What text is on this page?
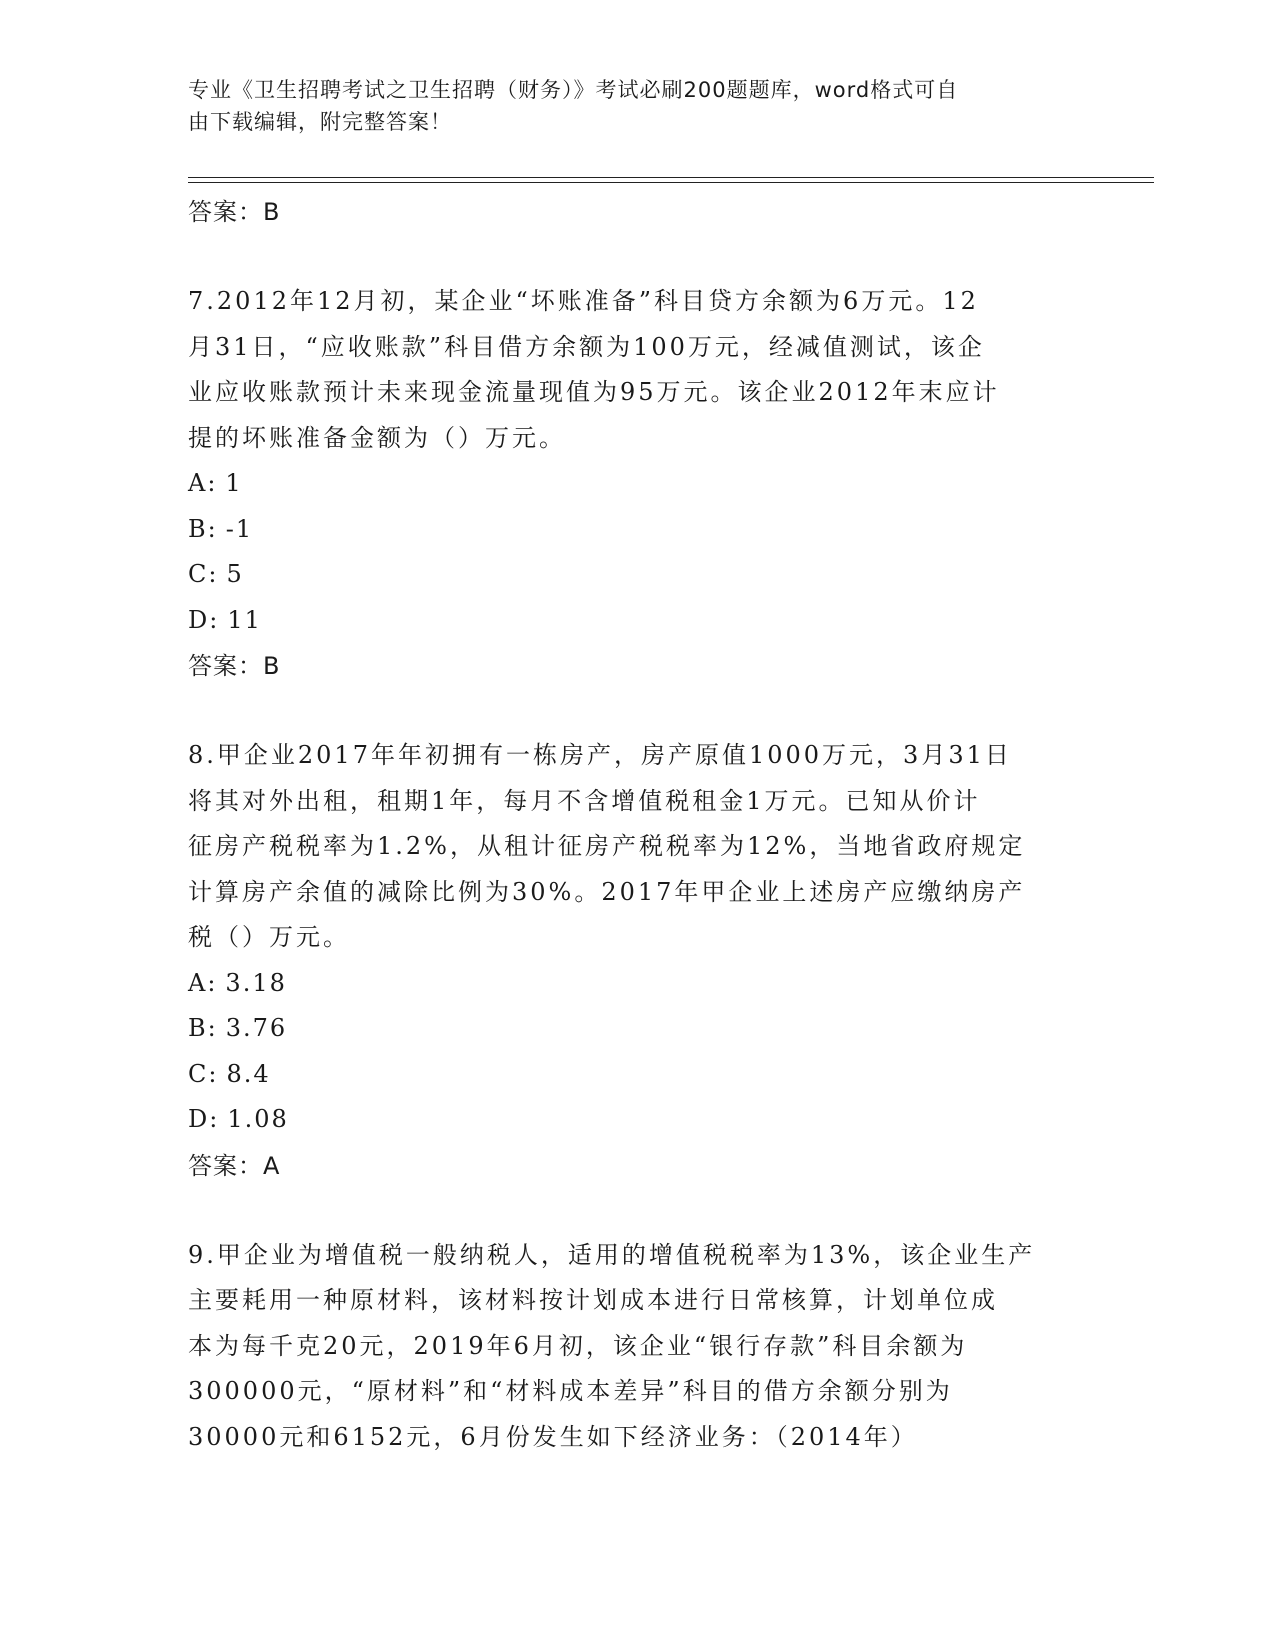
专业《卫生招聘考试之卫生招聘（财务）》考试必刷200题题库，word格式可自
由下载编辑，附完整答案！
答案：B

7.2012年12月初，某企业“坏账准备”科目贷方余额为6万元。12
月31日，“应收账款”科目借方余额为100万元，经减值测试，该企
业应收账款预计未来现金流量现值为95万元。该企业2012年末应计
提的坏账准备金额为（）万元。

A: 1
B: -1
C: 5
D: 11
答案：B

8.甲企业2017年年初拥有一栋房产，房产原值1000万元，3月31日
将其对外出租，租期1年，每月不含增值税租金1万元。已知从价计
征房产税税率为1.2%，从租计征房产税税率为12%，当地省政府规定
计算房产余值的减除比例为30%。2017年甲企业上述房产应缴纳房产
税（）万元。

A: 3.18
B: 3.76
C: 8.4
D: 1.08
答案：A

9.甲企业为增值税一般纳税人，适用的增值税税率为13%，该企业生产
主要耗用一种原材料，该材料按计划成本进行日常核算，计划单位成
本为每千克20元，2019年6月初，该企业“银行存款”科目余额为
300000元，“原材料”和“材料成本差异”科目的借方余额分别为
30000元和6152元，6月份发生如下经济业务：（2014年）
